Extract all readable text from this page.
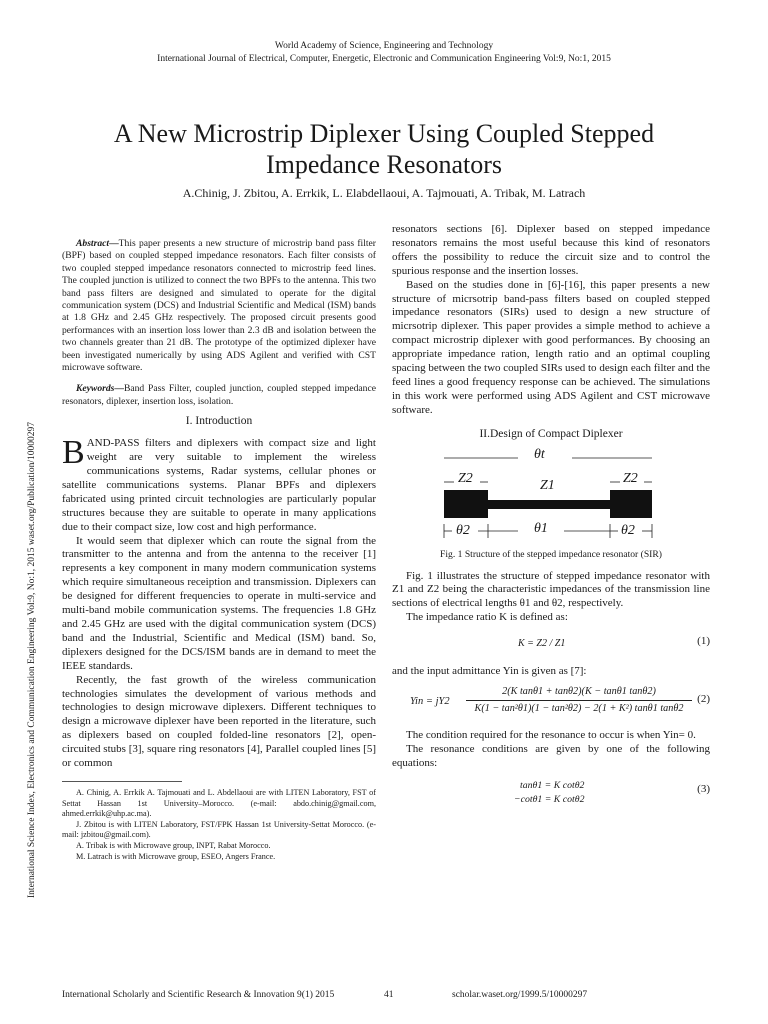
World Academy of Science, Engineering and Technology
International Journal of Electrical, Computer, Energetic, Electronic and Communication Engineering Vol:9, No:1, 2015
A New Microstrip Diplexer Using Coupled Stepped
Impedance Resonators
A.Chinig, J. Zbitou, A. Errkik, L. Elabdellaoui, A. Tajmouati, A. Tribak, M. Latrach
International Science Index, Electronics and Communication Engineering Vol:9, No:1, 2015 waset.org/Publication/10000297

Abstract—This paper presents a new structure of microstrip band pass filter (BPF) based on coupled stepped impedance resonators. Each filter consists of two coupled stepped impedance resonators connected to microstrip feed lines. The coupled junction is utilized to connect the two BPFs to the antenna. This two band pass filters are designed and simulated to operate for the digital communication system (DCS) and Industrial Scientific and Medical (ISM) bands at 1.8 GHz and 2.45 GHz respectively. The proposed circuit presents good performances with an insertion loss lower than 2.3 dB and isolation between the two channels greater than 21 dB. The prototype of the optimized diplexer have been investigated numerically by using ADS Agilent and verified with CST microwave software.

Keywords—Band Pass Filter, coupled junction, coupled stepped impedance resonators, diplexer, insertion loss, isolation.

I. Introduction

BAND-PASS filters and diplexers with compact size and light weight are very suitable to implement the wireless communications systems, Radar systems, cellular phones or satellite communications systems. Planar BPFs and diplexers fabricated using printed circuit technologies are particularly popular structures because they are suitable to operate in many applications due to their compact size, low cost and high performance.

It would seem that diplexer which can route the signal from the transmitter to the antenna and from the antenna to the receiver [1] represents a key component in many modern communication systems which require simultaneous receiption and transmission. Diplexers can be designed for different frequencies to operate in multi-service and multi-band mobile communication systems. The frequencies 1.8 GHz and 2.45 GHz are used with the digital communication system (DCS) band and the Industrial, Scientific and Medical (ISM) band. So, diplexers designed for the DCS/ISM bands are in demand to meet the IEEE standards.

Recently, the fast growth of the wireless communication technologies simulates the development of various methods and technologies to design microwave diplexers. Different techniques to design a microwave diplexer have been reported in the literature, such as diplexers based on coupled folded-line resonators [2], open-circuited stubs [3], square ring resonators [4], Parallel coupled lines [5] or common

A. Chinig, A. Errkik A. Tajmouati and L. Abdellaoui are with LITEN Laboratory, FST of Settat Hassan 1st University–Morocco. (e-mail: abdo.chinig@gmail.com, ahmed.errkik@uhp.ac.ma).

J. Zbitou is with LITEN Laboratory, FST/FPK Hassan 1st University-Settat Morocco. (e-mail: jzbitou@gmail.com).

A. Tribak is with Microwave group, INPT, Rabat Morocco.

M. Latrach is with Microwave group, ESEO, Angers France.

resonators sections [6]. Diplexer based on stepped impedance resonators remains the most useful because this kind of resonators offers the possibility to reduce the circuit size and to control the spurious response and the insertion losses.

Based on the studies done in [6]-[16], this paper presents a new structure of micrsotrip band-pass filters based on coupled stepped impedance resonators (SIRs) used to design a new structure of micrsotrip diplexer. This paper provides a simple method to achieve a compact microstrip diplexer with good performances. By choosing an appropriate impedance ration, length ratio and an optimal coupling spacing between the two coupled SIRs used to design each filter and the feed lines a good frequency response can be achieved. The simulations in this work were performed using ADS Agilent and CST microwave software.

II.Design of Compact Diplexer
θt
Z2	Z1	Z2
θ2	θ1	θ2
Fig. 1 Structure of the stepped impedance resonator (SIR)

Fig. 1 illustrates the structure of stepped impedance resonator with Z1 and Z2 being the characteristic impedances of the transmission line sections of electrical lengths θ1 and θ2, respectively.

The impedance ratio K is defined as:

K = Z2 / Z1	(1)

and the input admittance Yin is given as [7]:

Yin = jY2
2(K tanθ1 + tanθ2)(K − tanθ1 tanθ2)
K(1 − tan²θ1)(1 − tan²θ2) − 2(1 + K²) tanθ1 tanθ2
(2)

The condition required for the resonance to occur is when Yin= 0.

The resonance conditions are given by one of the following equations:

tanθ1 = K cotθ2
−cotθ1 = K cotθ2
(3)
International Scholarly and Scientific Research & Innovation 9(1) 2015	41	scholar.waset.org/1999.5/10000297
